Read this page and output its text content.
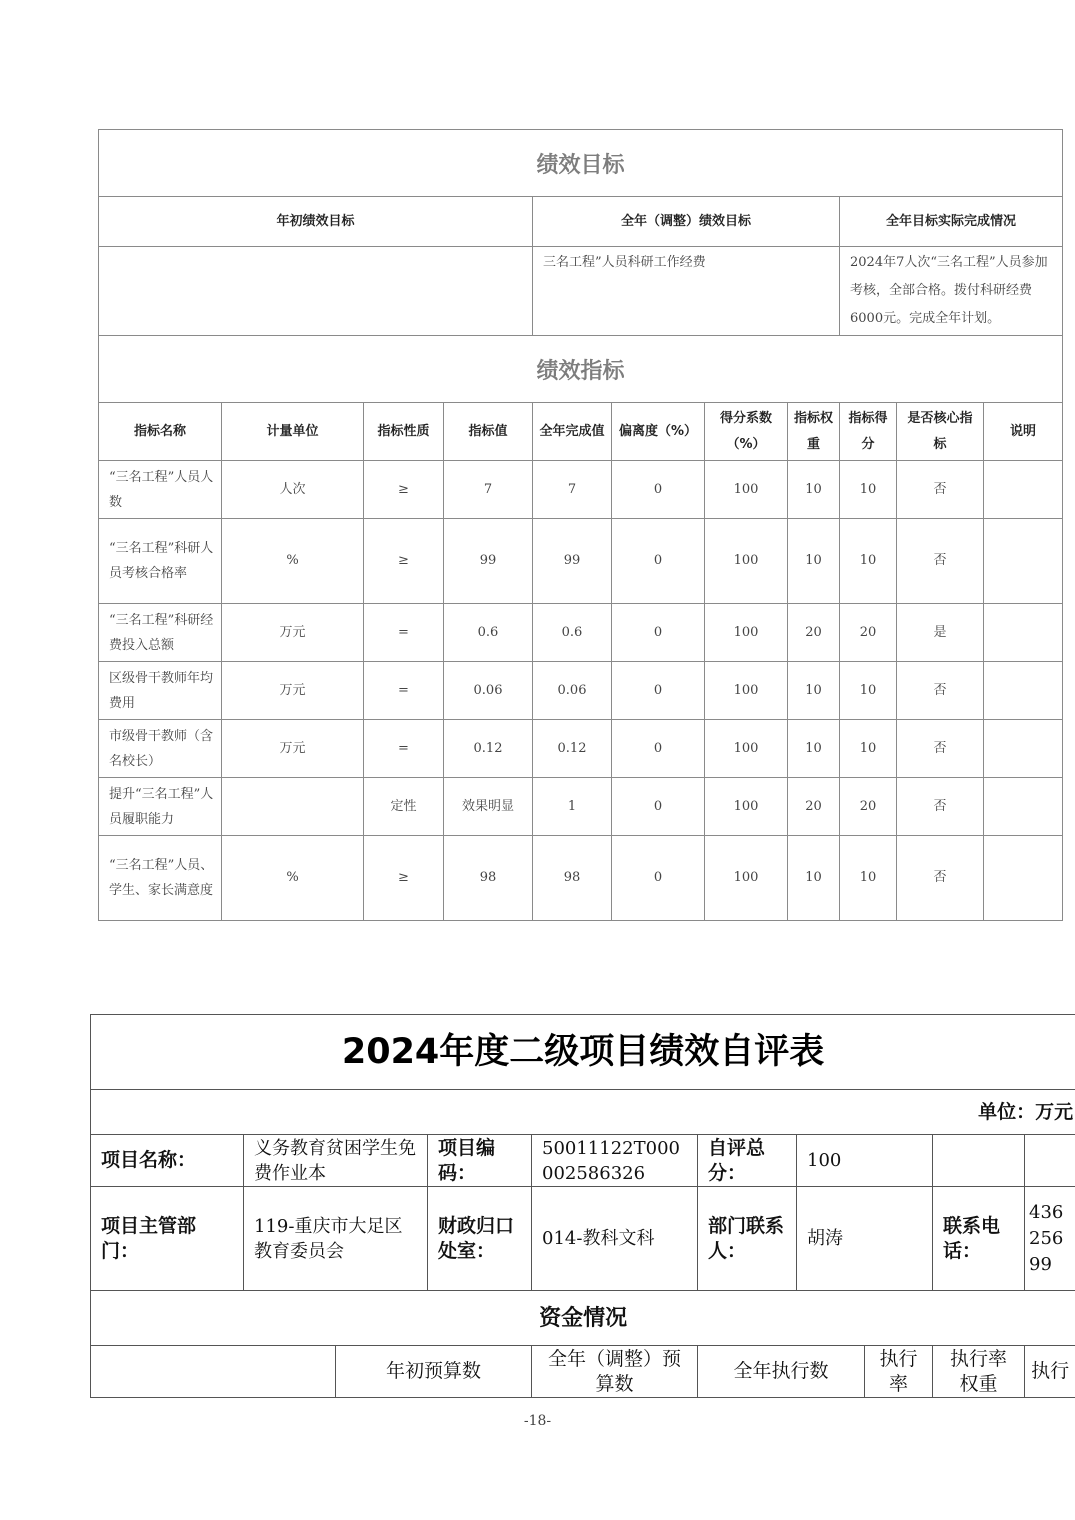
绩效目标										
年初绩效目标				全年（调整）绩效目标				全年目标实际完成情况		
				三名工程”人员科研工作经费				2024年7人次“三名工程”人员参加考核，全部合格。拨付科研经费6000元。完成全年计划。		
绩效指标										
指标名称	计量单位	指标性质	指标值	全年完成值	偏离度（%）	得分系数（%）	指标权重	指标得分	是否核心指标	说明
“三名工程”人员人数	人次	≥	7	7	0	100	10	10	否	
“三名工程”科研人员考核合格率	%	≥	99	99	0	100	10	10	否	
“三名工程”科研经费投入总额	万元	=	0.6	0.6	0	100	20	20	是	
区级骨干教师年均费用	万元	=	0.06	0.06	0	100	10	10	否	
市级骨干教师（含名校长）	万元	=	0.12	0.12	0	100	10	10	否	
提升“三名工程”人员履职能力		定性	效果明显	1	0	100	20	20	否	
“三名工程”人员、学生、家长满意度	%	≥	98	98	0	100	10	10	否	
2024年度二级项目绩效自评表									
单位：万元									
项目名称：	义务教育贫困学生免费作业本		项目编码：	50011122T000002586326	自评总分：	100			
项目主管部门：	119-重庆市大足区教育委员会		财政归口处室：	014-教科文科	部门联系人：	胡涛		联系电话：	43625699
资金情况									
		年初预算数		全年（调整）预算数	全年执行数		执行率	执行率权重	执行
-18-
